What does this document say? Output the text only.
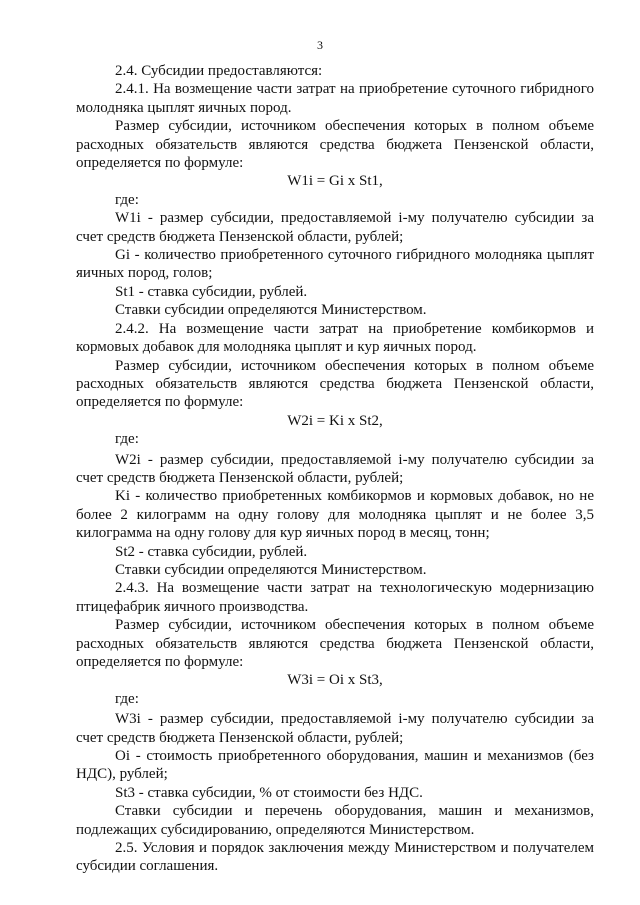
3

2.4. Субсидии предоставляются:

2.4.1. На возмещение части затрат на приобретение суточного гибридного молодняка цыплят яичных пород.

Размер субсидии, источником обеспечения которых в полном объеме расходных обязательств являются средства бюджета Пензенской области, определяется по формуле:

W1i = Gi x St1,

где:

W1i - размер субсидии, предоставляемой i-му получателю субсидии за счет средств бюджета Пензенской области, рублей;

Gi - количество приобретенного суточного гибридного молодняка цыплят яичных пород, голов;

St1 - ставка субсидии, рублей.

Ставки субсидии определяются Министерством.

2.4.2. На возмещение части затрат на приобретение комбикормов и кормовых добавок для молодняка цыплят и кур яичных пород.

Размер субсидии, источником обеспечения которых в полном объеме расходных обязательств являются средства бюджета Пензенской области, определяется по формуле:

W2i = Ki x St2,

где:

W2i - размер субсидии, предоставляемой i-му получателю субсидии за счет средств бюджета Пензенской области, рублей;

Ki - количество приобретенных комбикормов и кормовых добавок, но не более 2 килограмм на одну голову для молодняка цыплят и не более 3,5 килограмма на одну голову для кур яичных пород в месяц, тонн;

St2 - ставка субсидии, рублей.

Ставки субсидии определяются Министерством.

2.4.3. На возмещение части затрат на технологическую модернизацию птицефабрик яичного производства.

Размер субсидии, источником обеспечения которых в полном объеме расходных обязательств являются средства бюджета Пензенской области, определяется по формуле:

W3i = Oi x St3,

где:

W3i - размер субсидии, предоставляемой i-му получателю субсидии за счет средств бюджета Пензенской области, рублей;

Oi - стоимость приобретенного оборудования, машин и механизмов (без НДС), рублей;

St3 - ставка субсидии, % от стоимости без НДС.

Ставки субсидии и перечень оборудования, машин и механизмов, подлежащих субсидированию, определяются Министерством.

2.5. Условия и порядок заключения между Министерством и получателем субсидии соглашения.
